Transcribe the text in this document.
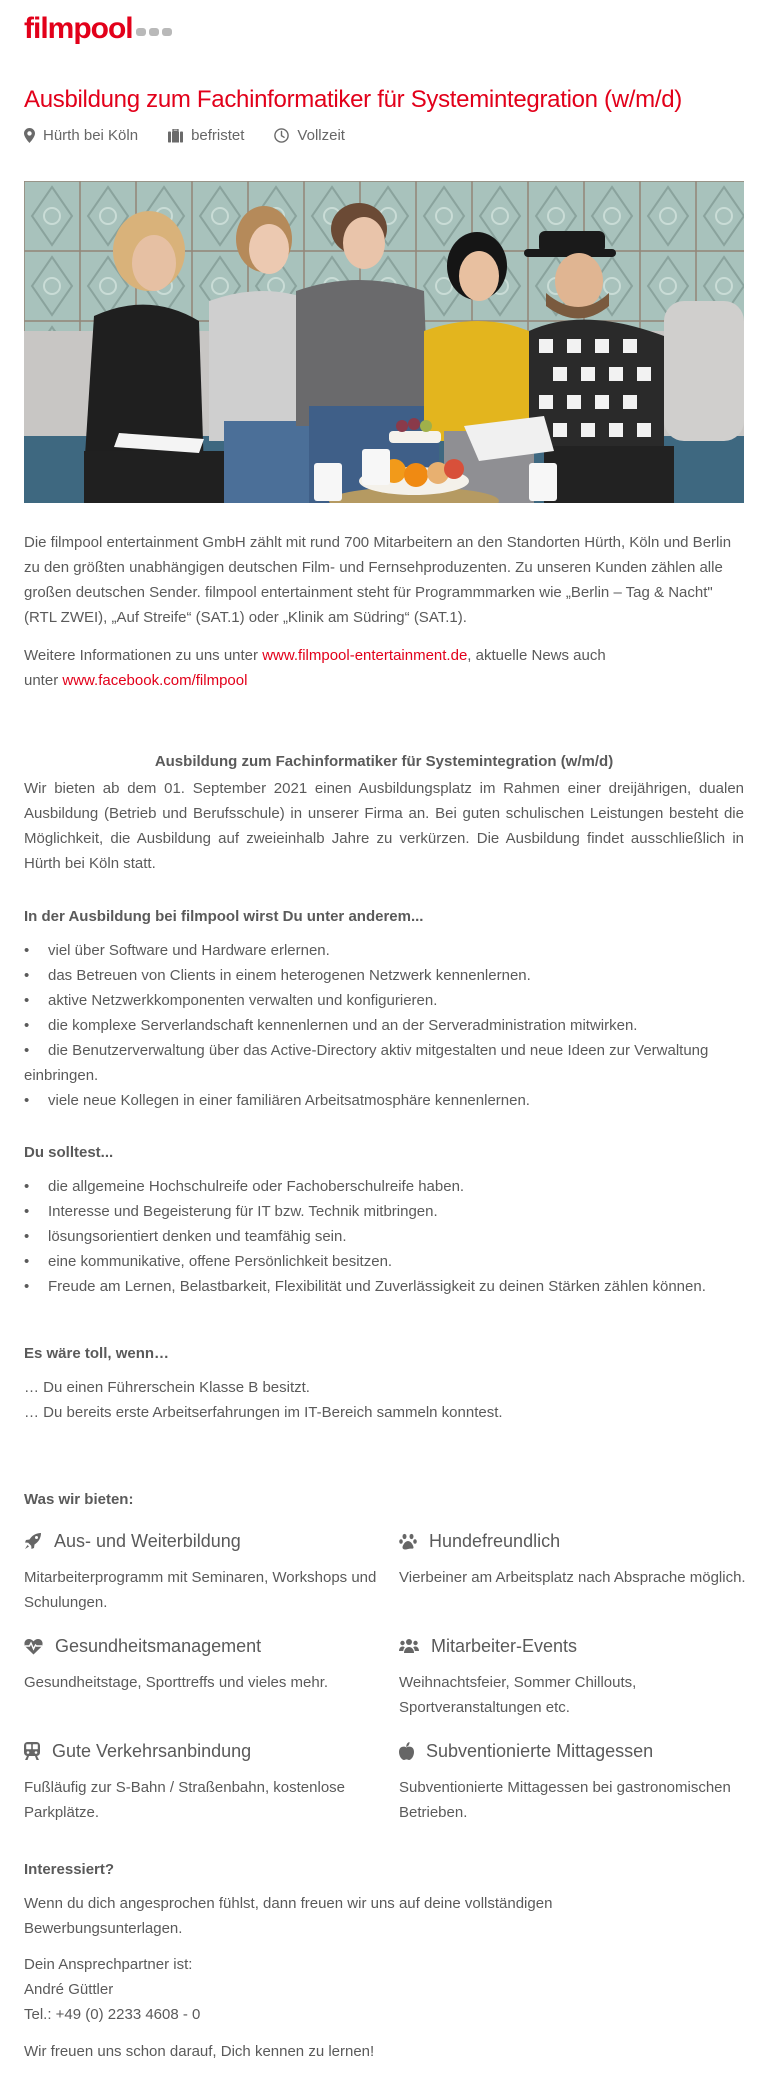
filmpool
Ausbildung zum Fachinformatiker für Systemintegration (w/m/d)
Hürth bei Köln	befristet	Vollzeit

Die filmpool entertainment GmbH zählt mit rund 700 Mitarbeitern an den Standorten Hürth, Köln und Berlin zu den größten unabhängigen deutschen Film- und Fernsehproduzenten. Zu unseren Kunden zählen alle großen deutschen Sender. filmpool entertainment steht für Programmmarken wie „Berlin – Tag & Nacht" (RTL ZWEI), „Auf Streife“ (SAT.1) oder „Klinik am Südring“ (SAT.1).

Weitere Informationen zu uns unter www.filmpool-entertainment.de, aktuelle News auch
unter www.facebook.com/filmpool

Ausbildung zum Fachinformatiker für Systemintegration (w/m/d)

Wir bieten ab dem 01. September 2021 einen Ausbildungsplatz im Rahmen einer dreijährigen, dualen Ausbildung (Betrieb und Berufsschule) in unserer Firma an. Bei guten schulischen Leistungen besteht die Möglichkeit, die Ausbildung auf zweieinhalb Jahre zu verkürzen. Die Ausbildung findet ausschließlich in Hürth bei Köln statt.

In der Ausbildung bei filmpool wirst Du unter anderem...
• viel über Software und Hardware erlernen.
• das Betreuen von Clients in einem heterogenen Netzwerk kennenlernen.
• aktive Netzwerkkomponenten verwalten und konfigurieren.
• die komplexe Serverlandschaft kennenlernen und an der Serveradministration mitwirken.
• die Benutzerverwaltung über das Active-Directory aktiv mitgestalten und neue Ideen zur Verwaltung einbringen.
• viele neue Kollegen in einer familiären Arbeitsatmosphäre kennenlernen.
Du solltest...
• die allgemeine Hochschulreife oder Fachoberschulreife haben.
• Interesse und Begeisterung für IT bzw. Technik mitbringen.
• lösungsorientiert denken und teamfähig sein.
• eine kommunikative, offene Persönlichkeit besitzen.
• Freude am Lernen, Belastbarkeit, Flexibilität und Zuverlässigkeit zu deinen Stärken zählen können.
Es wäre toll, wenn…

… Du einen Führerschein Klasse B besitzt.

… Du bereits erste Arbeitserfahrungen im IT-Bereich sammeln konntest.

Was wir bieten:
Aus- und Weiterbildung

Mitarbeiterprogramm mit Seminaren, Workshops und Schulungen.

Hundefreundlich

Vierbeiner am Arbeitsplatz nach Absprache möglich.

Gesundheitsmanagement

Gesundheitstage, Sporttreffs und vieles mehr.

Mitarbeiter-Events

Weihnachtsfeier, Sommer Chillouts, Sportveranstaltungen etc.

Gute Verkehrsanbindung

Fußläufig zur S-Bahn / Straßenbahn, kostenlose Parkplätze.

Subventionierte Mittagessen

Subventionierte Mittagessen bei gastronomischen Betrieben.

Interessiert?

Wenn du dich angesprochen fühlst, dann freuen wir uns auf deine vollständigen Bewerbungsunterlagen.

Dein Ansprechpartner ist:

André Güttler

Tel.: +49 (0) 2233 4608 - 0

Wir freuen uns schon darauf, Dich kennen zu lernen!
